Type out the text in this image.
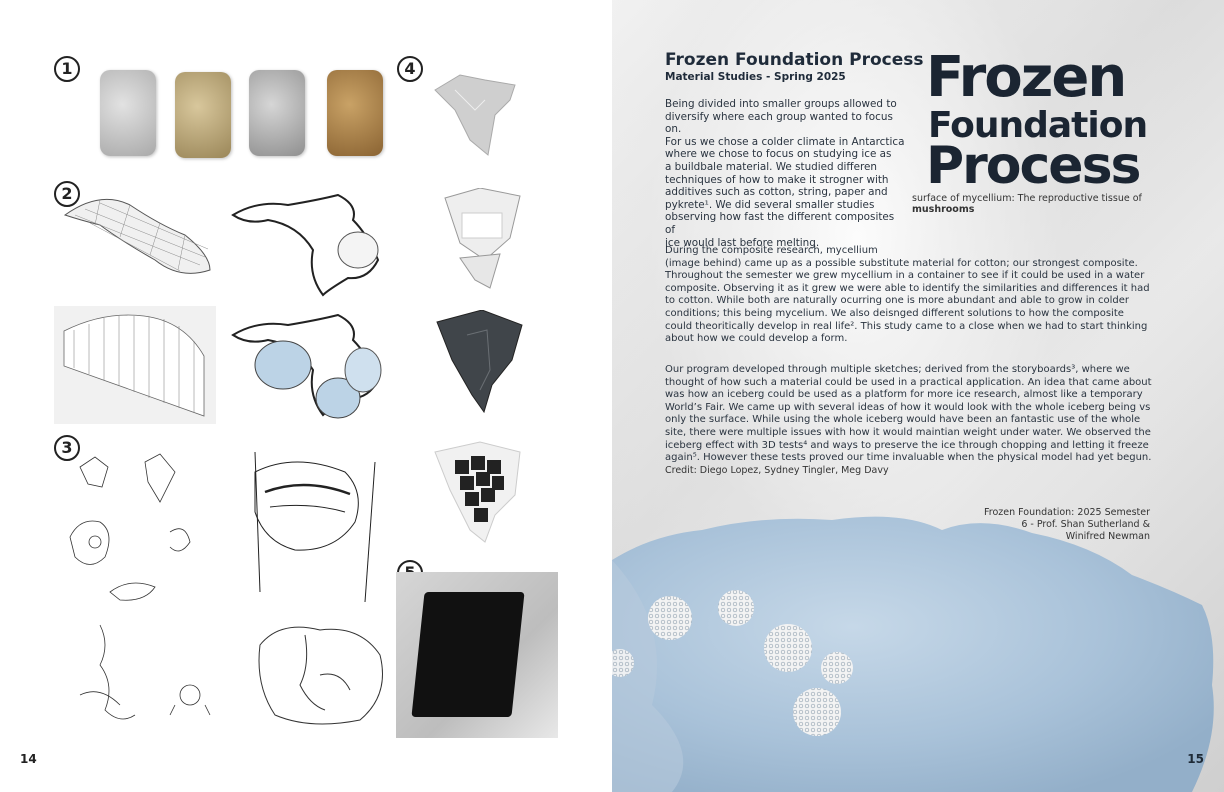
1
2
3
4
14
Frozen Foundation Process
Material Studies - Spring 2025 Frozen
Foundation
Process
surface of mycellium: The reproductive tissue of
mushrooms
Being divided into smaller groups allowed to
diversify where each group wanted to focus on.
For us we chose a colder climate in Antarctica
where we chose to focus on studying ice as
a buildbale material. We studied differen
techniques of how to make it strogner with
additives such as cotton, string, paper and
pykrete¹. We did several smaller studies
observing how fast the different composites of
ice would last before melting.
During the composite research, mycellium
(image behind) came up as a possible substitute material for cotton; our strongest composite.
Throughout the semester we grew mycellium in a container to see if it could be used in a water
composite. Observing it as it grew we were able to identify the similarities and differences it had
to cotton. While both are naturally ocurring one is more abundant and able to grow in colder
conditions; this being mycelium. We also deisnged different solutions to how the composite
could theoritically develop in real life². This study came to a close when we had to start thinking
about how we could develop a form.
Our program developed through multiple sketches; derived from the storyboards³, where we
thought of how such a material could be used in a practical application. An idea that came about
was how an iceberg could be used as a platform for more ice research, almost like a temporary
World’s Fair. We came up with several ideas of how it would look with the whole iceberg being vs
only the surface. While using the whole iceberg would have been an fantastic use of the whole
site, there were multiple issues with how it would maintian weight under water. We observed the
iceberg effect with 3D tests⁴ and ways to preserve the ice through chopping and letting it freeze
again⁵. However these tests proved our time invaluable when the physical model had yet begun.
Credit: Diego Lopez, Sydney Tingler, Meg Davy
Frozen Foundation: 2025 Semester
6 - Prof. Shan Sutherland &
Winifred Newman
15
